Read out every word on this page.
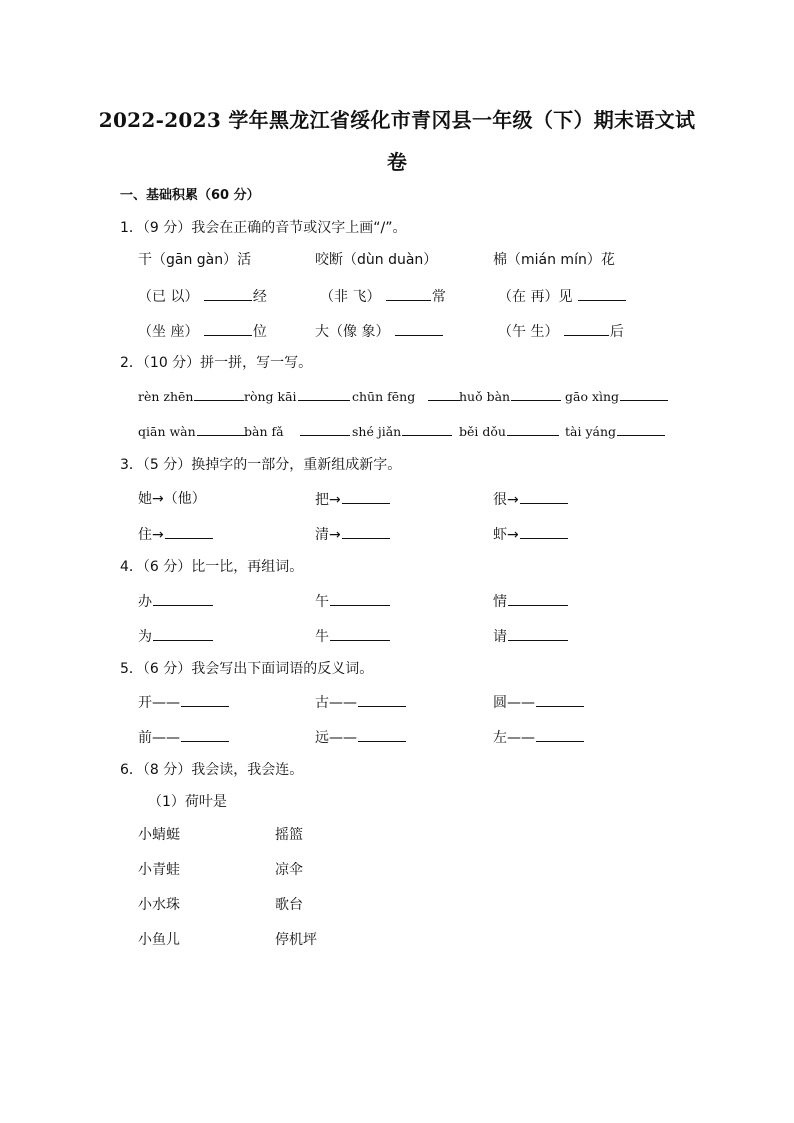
2022-2023 学年黑龙江省绥化市青冈县一年级（下）期末语文试
卷
一、基础积累（60 分）
1．（9 分）我会在正确的音节或汉字上画“/”。
干（gān gàn）活	咬断（dùn duàn）	棉（mián mín）花
（已 以）	经	（非 飞）	常	（在 再）见
（坐 座）	位	大（像 象）	（午 生）	后
2．（10 分）拼一拼，写一写。
rèn zhēn	ròng kāi	chūn fēng	huǒ bàn	gāo xìng
qiān wàn	bàn fǎ	shé jiǎn	běi dǒu	tài yáng
3．（5 分）换掉字的一部分，重新组成新字。
她→（他）	把→	很→
住→	清→	虾→
4．（6 分）比一比，再组词。
办	午	情
为	牛	请
5．（6 分）我会写出下面词语的反义词。
开——	古——	圆——
前——	远——	左——
6．（8 分）我会读，我会连。
（1）荷叶是
小蜻蜓	摇篮
小青蛙	凉伞
小水珠	歌台
小鱼儿	停机坪
